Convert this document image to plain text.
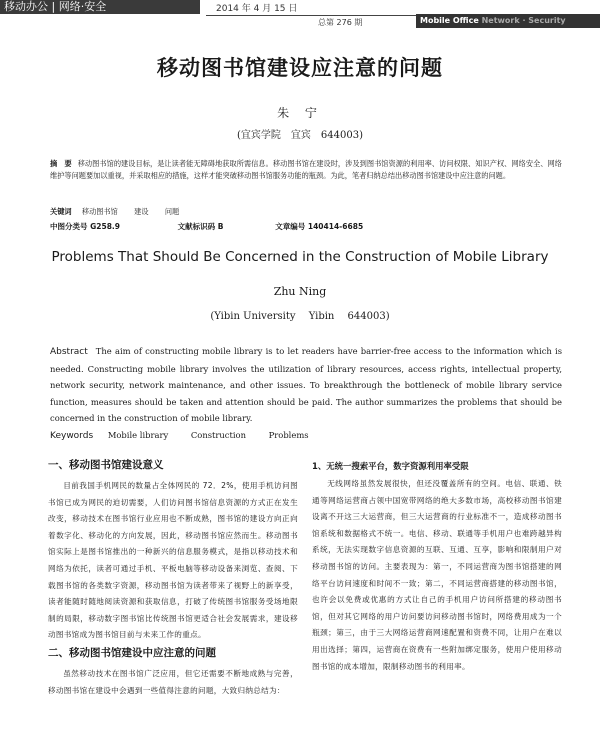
移动办公 | 网络·安全	2014 年 4 月 15 日
总第 276 期	Mobile Office Network · Security
移动图书馆建设应注意的问题
朱 宁
(宜宾学院　宜宾　644003)
摘　要 移动图书馆的建设目标，是让读者能无障碍地获取所需信息。移动图书馆在建设时，涉及到图书馆资源的利用率、访问权限、知识产权、网络安全、网络维护等问题要加以重视，并采取相应的措施，这样才能突破移动图书馆服务功能的瓶颈。为此，笔者归纳总结出移动图书馆建设中应注意的问题。
关键词 移动图书馆 建设 问题
中图分类号 G258.9	文献标识码 B	文章编号 140414-6685
Problems That Should Be Concerned in the Construction of Mobile Library
Zhu Ning
(Yibin University　 Yibin　 644003)
Abstract The aim of constructing mobile library is to let readers have barrier-free access to the information which is needed. Constructing mobile library involves the utilization of library resources, access rights, intellectual property, network security, network maintenance, and other issues. To breakthrough the bottleneck of mobile library service function, measures should be taken and attention should be paid. The author summarizes the problems that should be concerned in the construction of mobile library.
Keywords Mobile library	Construction	Problems
一、移动图书馆建设意义

目前我国手机网民的数量占全体网民的 72．2%，使用手机访问图书馆已成为网民的迫切需要，人们访问图书馆信息资源的方式正在发生改变，移动技术在图书馆行业应用也不断成熟，图书馆的建设方向正向着数字化、移动化的方向发展，因此，移动图书馆应然而生。移动图书馆实际上是图书馆推出的一种新兴的信息服务模式，是指以移动技术和网络为依托，读者可通过手机、平板电脑等移动设备来浏览、查阅、下载图书馆的各类数字资源，移动图书馆为读者带来了视野上的新享受，读者能随时随地阅读资源和获取信息，打破了传统图书馆服务受场地限制的局限，移动数字图书馆比传统图书馆更适合社会发展需求，建设移动图书馆成为图书馆目前与未来工作的重点。

二、移动图书馆建设中应注意的问题

虽然移动技术在图书馆广泛应用，但它还需要不断地成熟与完善，移动图书馆在建设中会遇到一些值得注意的问题，大致归纳总结为：

1、无统一搜索平台，数字资源利用率受限

无线网络虽然发展很快，但还没覆盖所有的空间。电信、联通、铁通等网络运营商占领中国宽带网络的绝大多数市场，高校移动图书馆建设离不开这三大运营商，但三大运营商的行业标准不一，造成移动图书馆系统和数据格式不统一。电信、移动、联通等手机用户也难跨越异构系统，无法实现数字信息资源的互联、互通、互享，影响和限制用户对移动图书馆的访问。主要表现为：第一，不同运营商为图书馆搭建的网络平台访问速度和时间不一致；第二，不同运营商搭建的移动图书馆，也许会以免费或优惠的方式让自己的手机用户访问所搭建的移动图书馆，但对其它网络的用户访问要访问移动图书馆时，网络费用成为一个瓶颈；第三，由于三大网络运营商网速配置和资费不同，让用户在难以用出选择；第四，运营商在资费有一些附加绑定服务，使用户使用移动图书馆的成本增加，限制移动图书的利用率。
